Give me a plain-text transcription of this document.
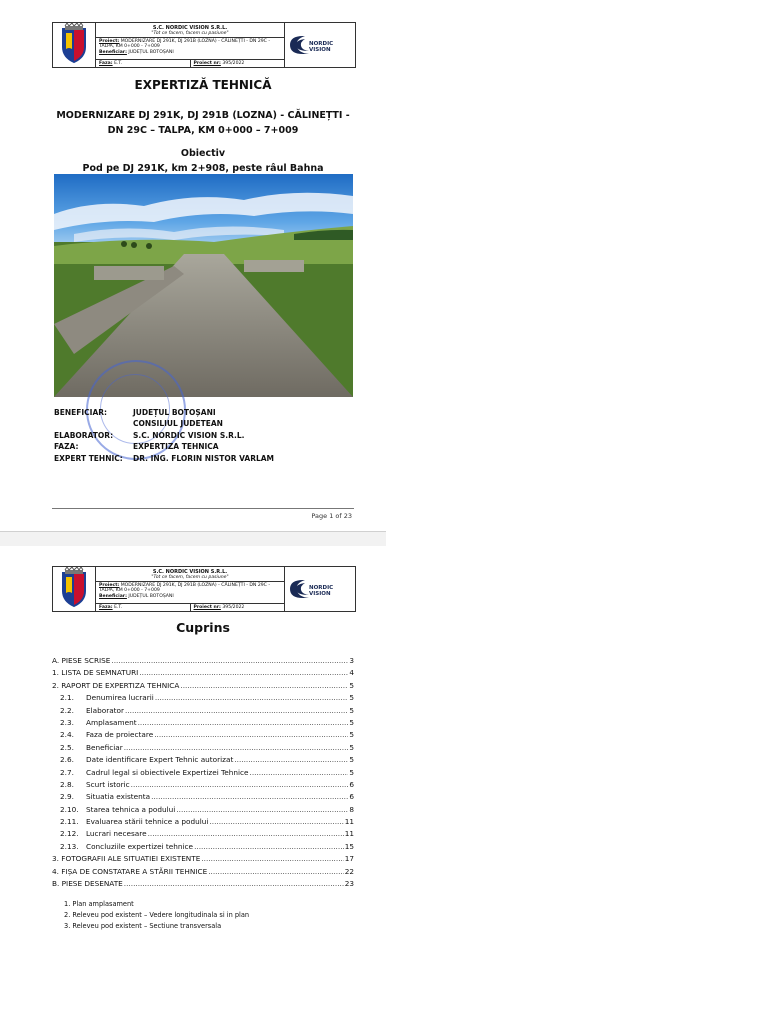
S.C. NORDIC VISION S.R.L.
"Tot ce facem, facem cu pasiune"
Proiect: MODERNIZARE DJ 291K, DJ 291B (LOZNA) - CĂLINEȚTI - DN 29C - TALPA, KM 0+000 - 7+009
Beneficiar: JUDEȚUL BOTOȘANI
Faza: E.T.	Proiect nr: 395/2022
NORDIC VISION
EXPERTIZĂ TEHNICĂ
MODERNIZARE DJ 291K, DJ 291B (LOZNA) - CĂLINEȚTI -
DN 29C – TALPA, KM 0+000 – 7+009
Obiectiv
Pod pe DJ 291K, km 2+908, peste râul Bahna
BENEFICIAR:	JUDEȚUL BOTOȘANI
CONSILIUL JUDETEAN
ELABORATOR:	S.C. NORDIC VISION S.R.L.
FAZA:	EXPERTIZA TEHNICA
EXPERT TEHNIC:	DR. ING. FLORIN NISTOR VARLAM
Page 1 of 23
S.C. NORDIC VISION S.R.L.
"Tot ce facem, facem cu pasiune"
Proiect: MODERNIZARE DJ 291K, DJ 291B (LOZNA) - CĂLINEȚTI - DN 29C - TALPA, KM 0+000 - 7+009
Beneficiar: JUDEȚUL BOTOȘANI
Faza: E.T.	Proiect nr: 395/2022
NORDIC VISION
Cuprins
A. PIESE SCRISE .....	3
1. LISTA DE SEMNATURI .....	4
2. RAPORT DE EXPERTIZA TEHNICA .....	5
2.1.	Denumirea lucrarii .....	5
2.2.	Elaborator .....	5
2.3.	Amplasament .....	5
2.4.	Faza de proiectare .....	5
2.5.	Beneficiar .....	5
2.6.	Date identificare Expert Tehnic autorizat .....	5
2.7.	Cadrul legal si obiectivele Expertizei Tehnice .....	5
2.8.	Scurt istoric .....	6
2.9.	Situatia existenta .....	6
2.10.	Starea tehnica a podului .....	8
2.11.	Evaluarea stării tehnice a podului .....	11
2.12.	Lucrari necesare .....	11
2.13.	Concluziile expertizei tehnice .....	15
3. FOTOGRAFII ALE SITUATIEI EXISTENTE .....	17
4. FIȘA DE CONSTATARE A STĂRII TEHNICE .....	22
B. PIESE DESENATE .....	23
1. Plan amplasament
2. Releveu pod existent – Vedere longitudinala si in plan
3. Releveu pod existent – Sectiune transversala
